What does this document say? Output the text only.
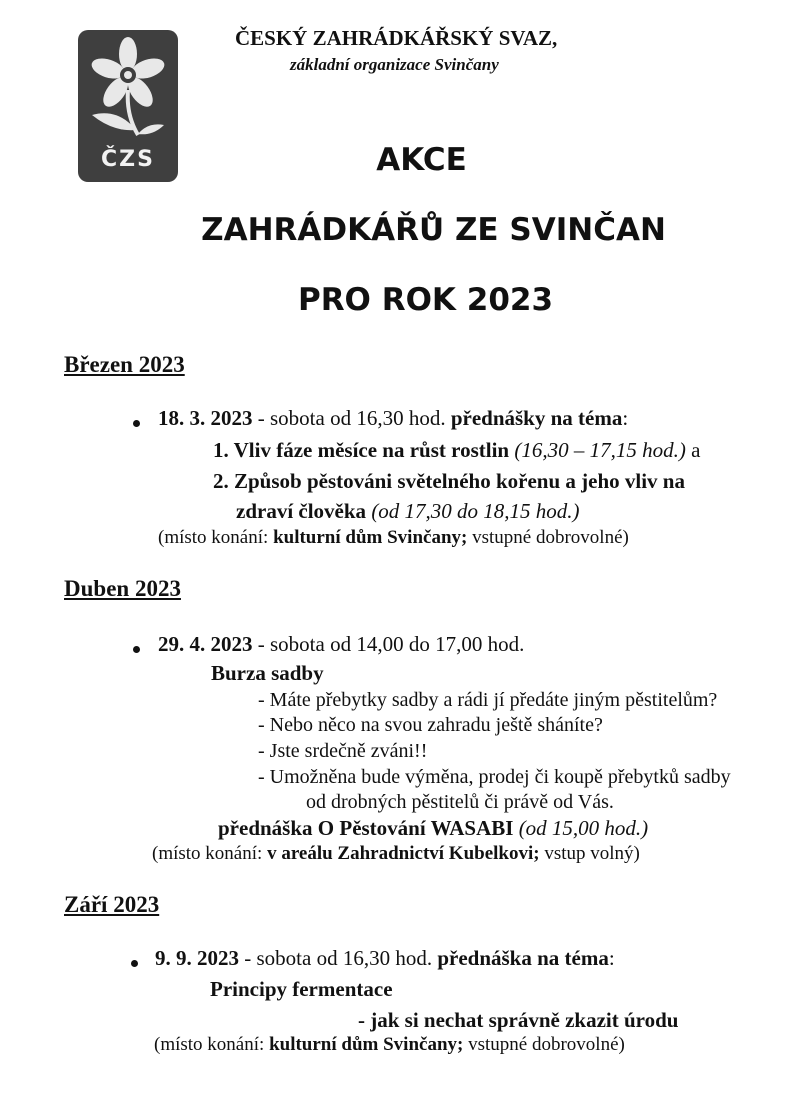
ČZS
ČESKÝ ZAHRÁDKÁŘSKÝ SVAZ,
základní organizace Svinčany
AKCE
ZAHRÁDKÁŘŮ ZE SVINČAN
PRO ROK 2023
Březen 2023
18. 3. 2023 - sobota od 16,30 hod. přednášky na téma:
1. Vliv fáze měsíce na růst rostlin (16,30 – 17,15 hod.) a
2. Způsob pěstováni světelného kořenu a jeho vliv na
zdraví člověka (od 17,30 do 18,15 hod.)
(místo konání: kulturní dům Svinčany; vstupné dobrovolné)
Duben 2023
29. 4. 2023 - sobota od 14,00 do 17,00 hod.
Burza sadby
- Máte přebytky sadby a rádi jí předáte jiným pěstitelům?
- Nebo něco na svou zahradu ještě sháníte?
- Jste srdečně zváni!!
- Umožněna bude výměna, prodej či koupě přebytků sadby
od drobných pěstitelů či právě od Vás.
přednáška O Pěstování WASABI (od 15,00 hod.)
(místo konání: v areálu Zahradnictví Kubelkovi; vstup volný)
Září 2023
9. 9. 2023 - sobota od 16,30 hod. přednáška na téma:
Principy fermentace
- jak si nechat správně zkazit úrodu
(místo konání: kulturní dům Svinčany; vstupné dobrovolné)
